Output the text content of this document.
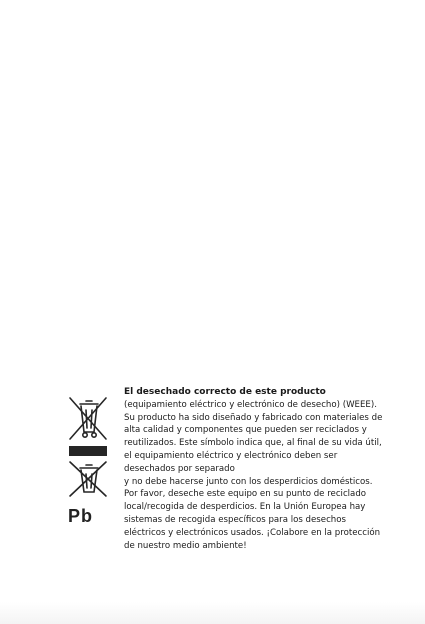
Pb

El desechado correcto de este producto

(equipamiento eléctrico y electrónico de desecho) (WEEE).
Su producto ha sido diseñado y fabricado con materiales de
alta calidad y componentes que pueden ser reciclados y
reutilizados. Este símbolo indica que, al final de su vida útil,
el equipamiento eléctrico y electrónico deben ser
desechados por separado
y no debe hacerse junto con los desperdicios domésticos.
Por favor, deseche este equipo en su punto de reciclado
local/recogida de desperdicios. En la Unión Europea hay
sistemas de recogida específicos para los desechos
eléctricos y electrónicos usados. ¡Colabore en la protección
de nuestro medio ambiente!
